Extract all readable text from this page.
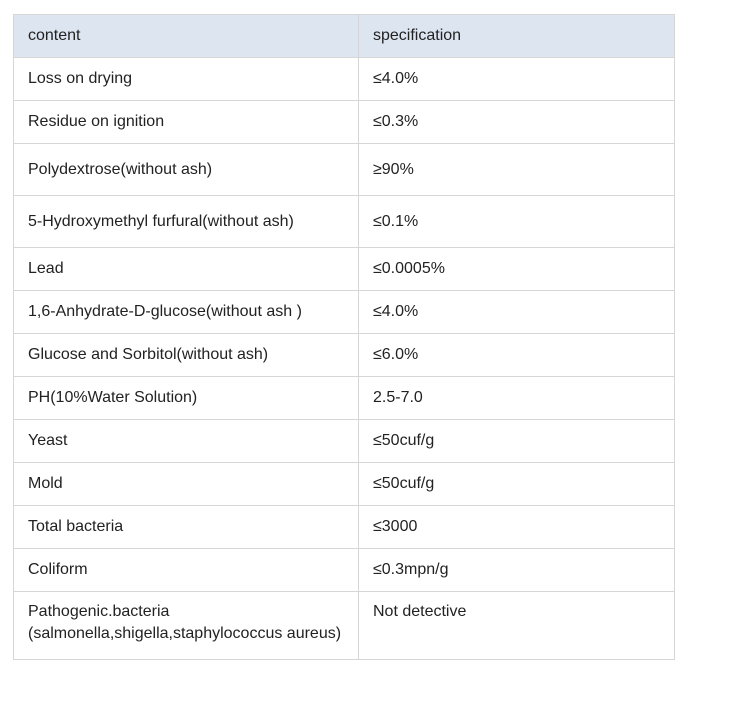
content	specification
Loss on drying	≤4.0%
Residue on ignition	≤0.3%
Polydextrose(without ash)	≥90%
5-Hydroxymethyl furfural(without ash)	≤0.1%
Lead	≤0.0005%
1,6-Anhydrate-D-glucose(without ash )	≤4.0%
Glucose and Sorbitol(without ash)	≤6.0%
PH(10%Water Solution)	2.5-7.0
Yeast	≤50cuf/g
Mold	≤50cuf/g
Total bacteria	≤3000
Coliform	≤0.3mpn/g
Pathogenic.bacteria (salmonella,shigella,staphylococcus aureus)	Not detective
